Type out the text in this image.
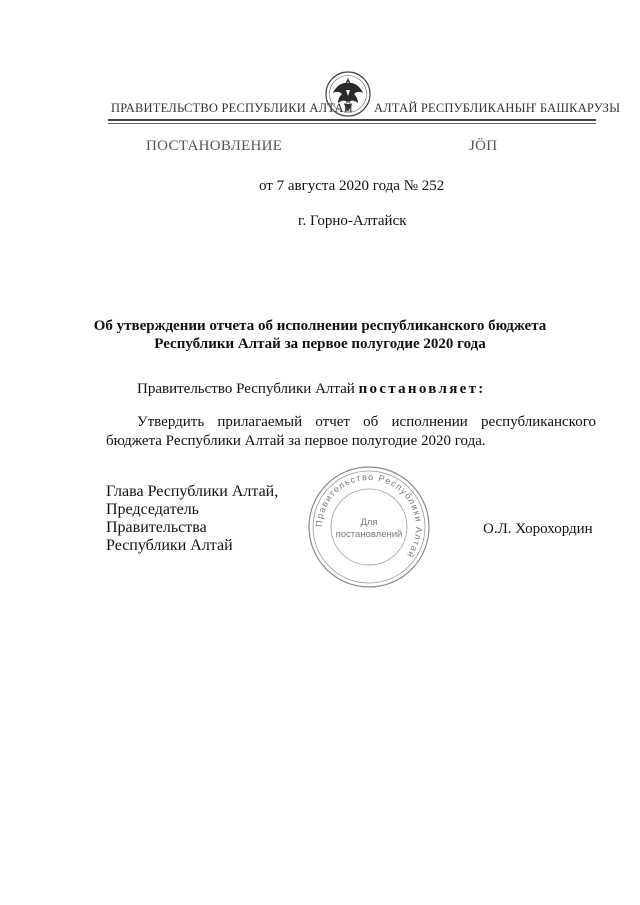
ПРАВИТЕЛЬСТВО РЕСПУБЛИКИ АЛТАЙ АЛТАЙ РЕСПУБЛИКАНЫҤ БАШКАРУЗЫ
ПОСТАНОВЛЕНИЕ	ЈӦП
от 7 августа 2020 года № 252
г. Горно-Алтайск
Об утверждении отчета об исполнении республиканского бюджета
Республики Алтай за первое полугодие 2020 года
Правительство Республики Алтай постановляет:
Утвердить прилагаемый отчет об исполнении республиканского бюджета Республики Алтай за первое полугодие 2020 года.
Глава Республики Алтай,
Председатель Правительства
Республики Алтай
О.Л. Хорохордин
Правительство Республики Алтай
Для
постановлений
